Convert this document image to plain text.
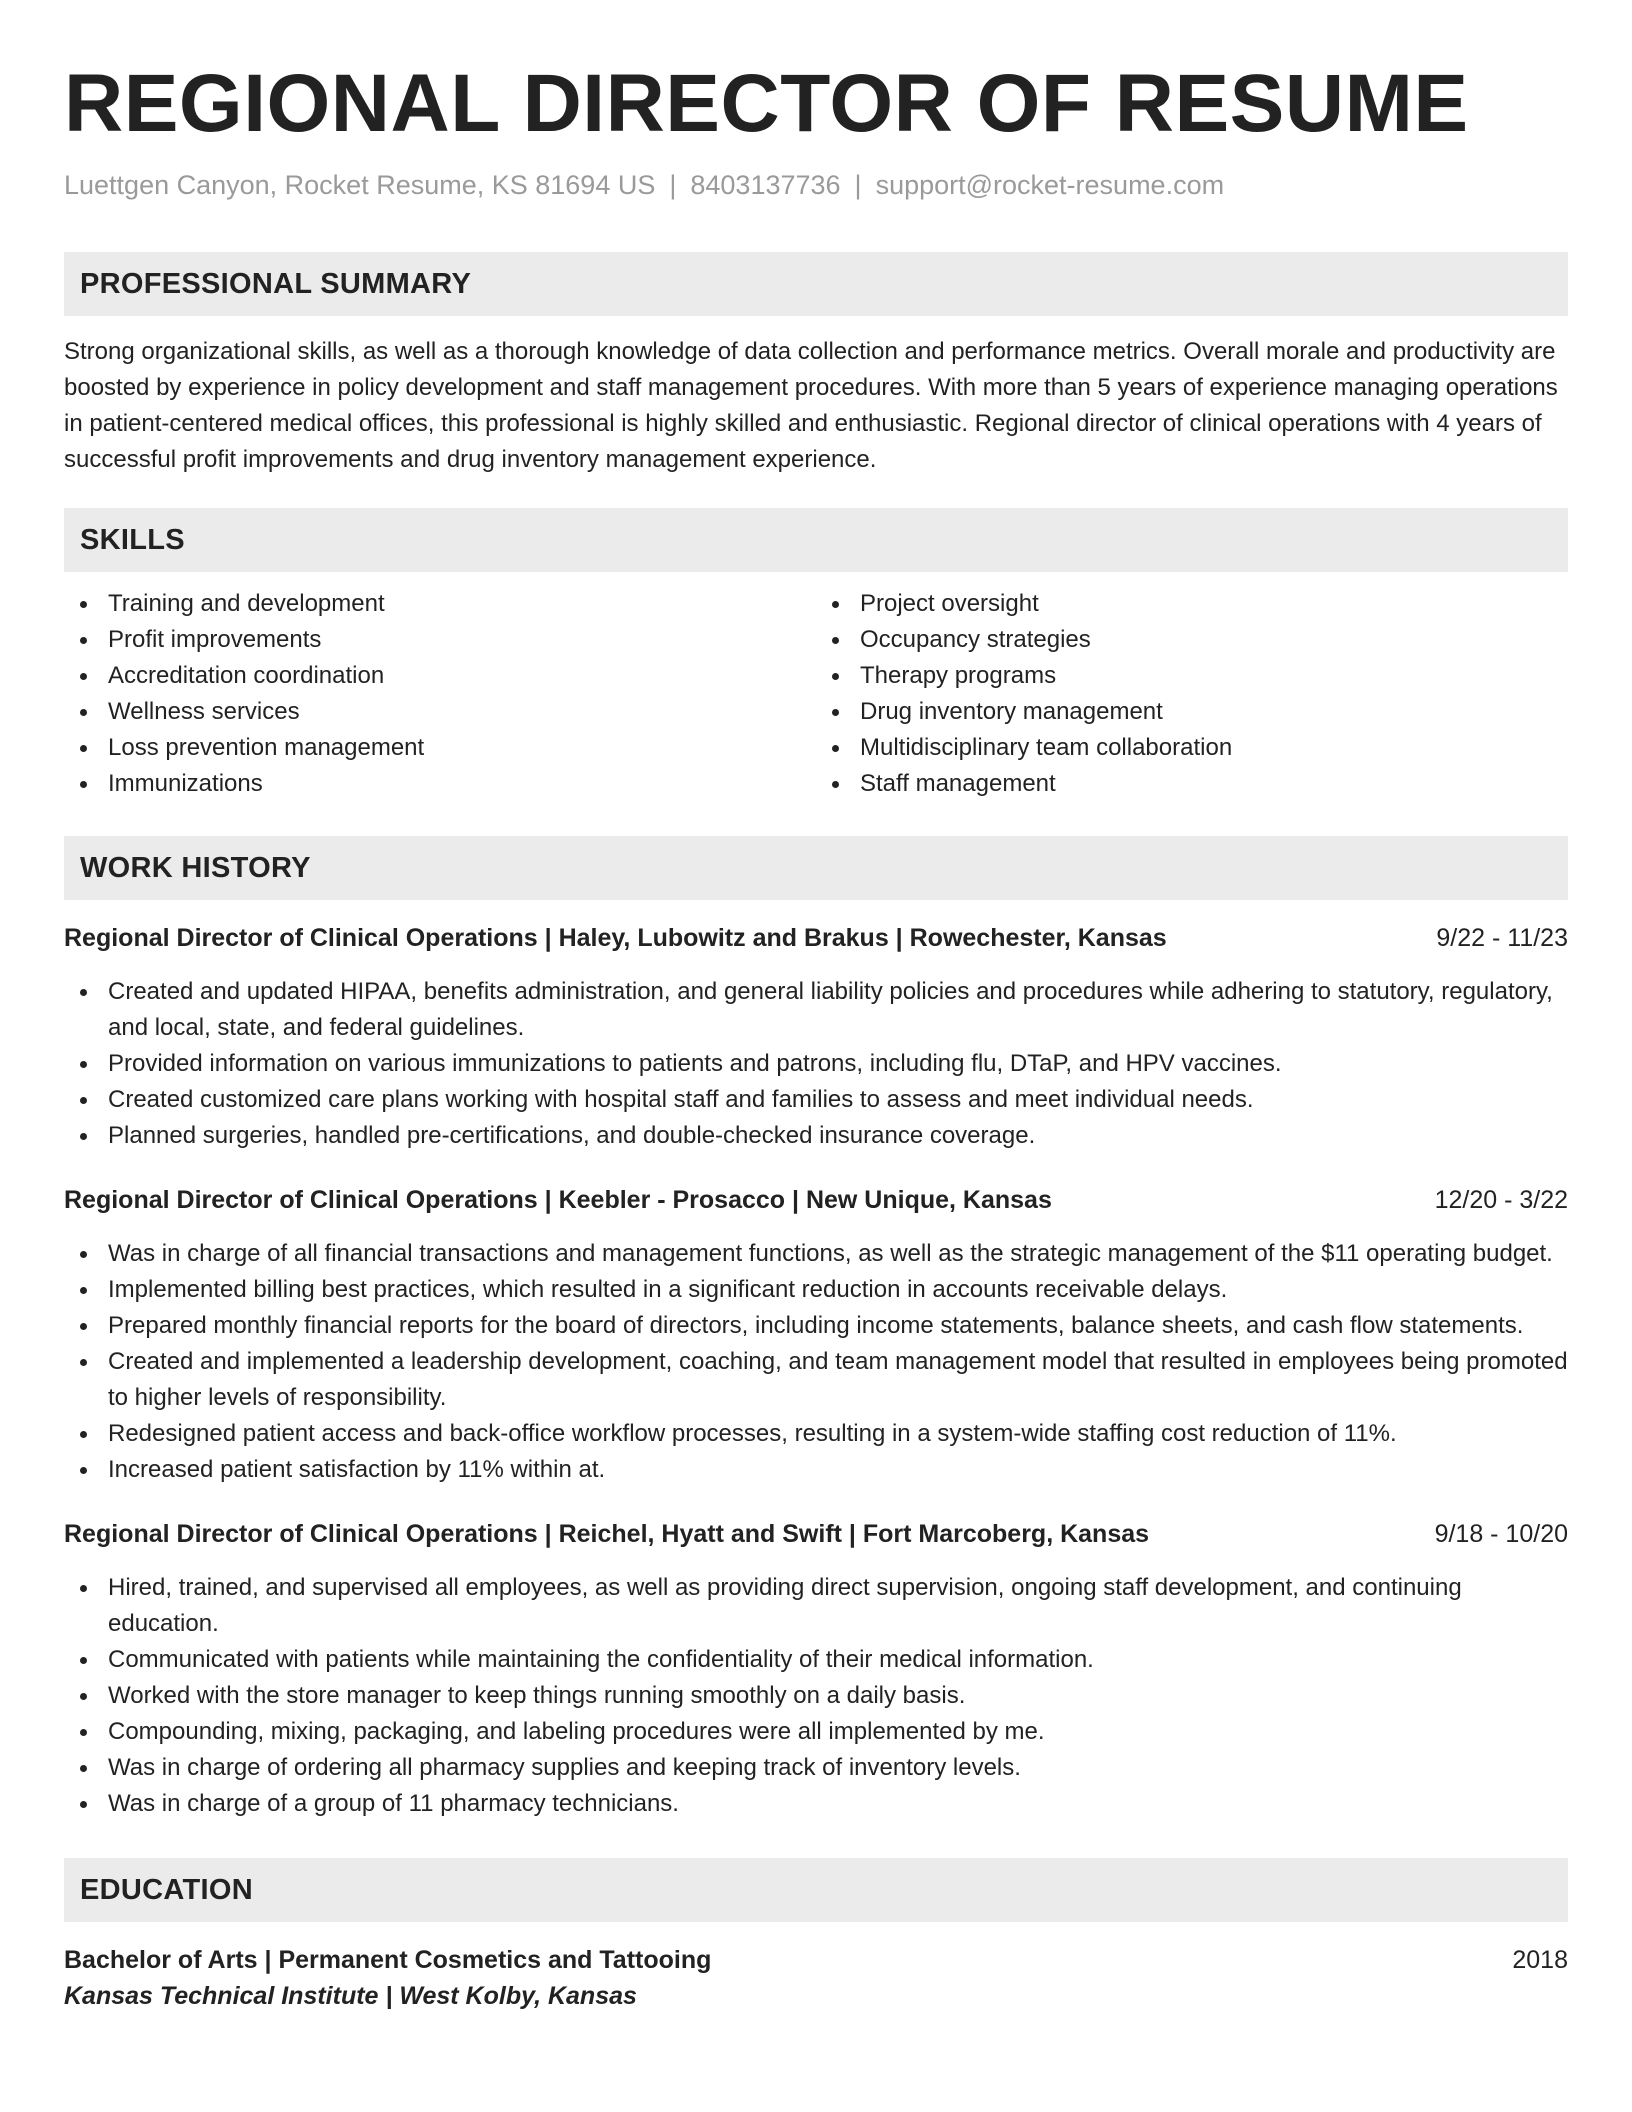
REGIONAL DIRECTOR OF RESUME
Luettgen Canyon, Rocket Resume, KS 81694 US | 8403137736 | support@rocket-resume.com
PROFESSIONAL SUMMARY
Strong organizational skills, as well as a thorough knowledge of data collection and performance metrics. Overall morale and productivity are boosted by experience in policy development and staff management procedures. With more than 5 years of experience managing operations in patient-centered medical offices, this professional is highly skilled and enthusiastic. Regional director of clinical operations with 4 years of successful profit improvements and drug inventory management experience.
SKILLS
Training and development
Profit improvements
Accreditation coordination
Wellness services
Loss prevention management
Immunizations
Project oversight
Occupancy strategies
Therapy programs
Drug inventory management
Multidisciplinary team collaboration
Staff management
WORK HISTORY
Regional Director of Clinical Operations | Haley, Lubowitz and Brakus | Rowechester, Kansas	9/22 - 11/23
Created and updated HIPAA, benefits administration, and general liability policies and procedures while adhering to statutory, regulatory, and local, state, and federal guidelines.
Provided information on various immunizations to patients and patrons, including flu, DTaP, and HPV vaccines.
Created customized care plans working with hospital staff and families to assess and meet individual needs.
Planned surgeries, handled pre-certifications, and double-checked insurance coverage.
Regional Director of Clinical Operations | Keebler - Prosacco | New Unique, Kansas	12/20 - 3/22
Was in charge of all financial transactions and management functions, as well as the strategic management of the $11 operating budget.
Implemented billing best practices, which resulted in a significant reduction in accounts receivable delays.
Prepared monthly financial reports for the board of directors, including income statements, balance sheets, and cash flow statements.
Created and implemented a leadership development, coaching, and team management model that resulted in employees being promoted to higher levels of responsibility.
Redesigned patient access and back-office workflow processes, resulting in a system-wide staffing cost reduction of 11%.
Increased patient satisfaction by 11% within at.
Regional Director of Clinical Operations | Reichel, Hyatt and Swift | Fort Marcoberg, Kansas	9/18 - 10/20
Hired, trained, and supervised all employees, as well as providing direct supervision, ongoing staff development, and continuing education.
Communicated with patients while maintaining the confidentiality of their medical information.
Worked with the store manager to keep things running smoothly on a daily basis.
Compounding, mixing, packaging, and labeling procedures were all implemented by me.
Was in charge of ordering all pharmacy supplies and keeping track of inventory levels.
Was in charge of a group of 11 pharmacy technicians.
EDUCATION
Bachelor of Arts | Permanent Cosmetics and Tattooing	2018
Kansas Technical Institute | West Kolby, Kansas
